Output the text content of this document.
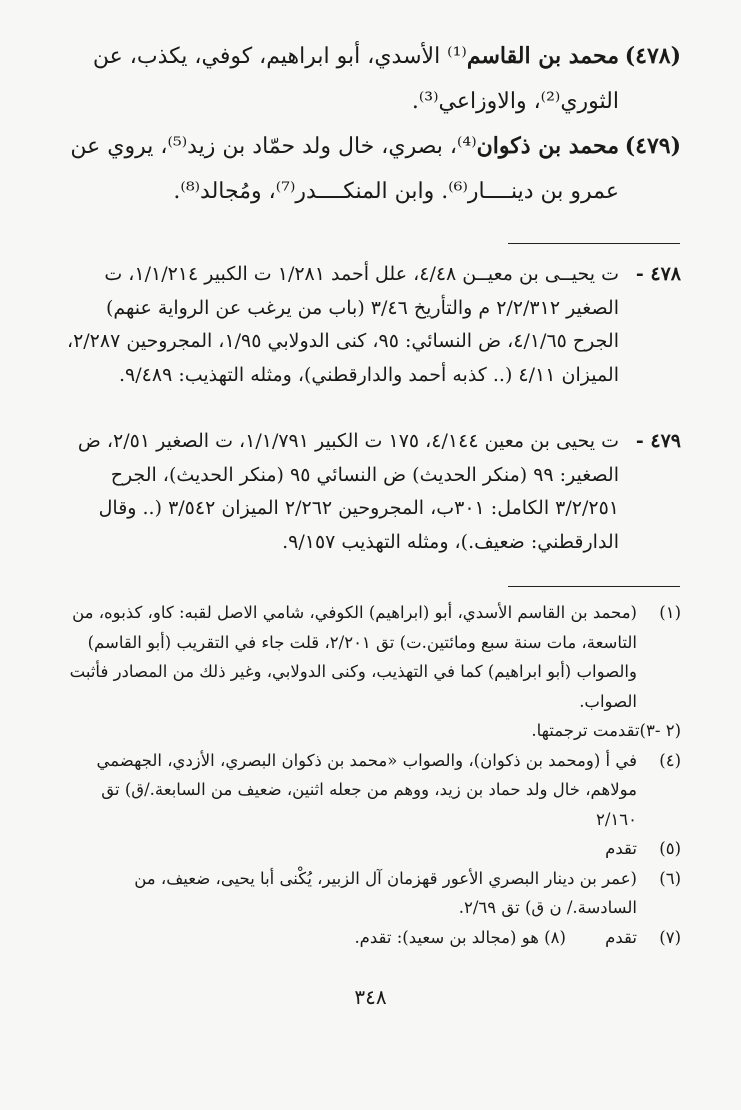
(٤٧٨)
محمد بن القاسم⁽¹⁾ الأسدي، أبو ابراهيم، كوفي، يكذب، عن الثوري⁽²⁾، والاوزاعي⁽³⁾.
(٤٧٩)
محمد بن ذكوان⁽⁴⁾، بصري، خال ولد حمّاد بن زيد⁽⁵⁾، يروي عن عمرو بن دينــــار⁽⁶⁾. وابن المنكــــدر⁽⁷⁾، ومُجالد⁽⁸⁾.
٤٧٨ -
ت يحيــى بن معيــن ٤/٤٨، علل أحمد ١/٢٨١ ت الكبير ١/١/٢١٤، ت الصغير ٢/٢/٣١٢ م والتأريخ ٣/٤٦ (باب من يرغب عن الرواية عنهم) الجرح ٤/١/٦٥، ض النسائي: ٩٥، كنى الدولابي ١/٩٥، المجروحين ٢/٢٨٧، الميزان ٤/١١ (.. كذبه أحمد والدارقطني)، ومثله التهذيب: ٩/٤٨٩.
٤٧٩ -
ت يحيى بن معين ٤/١٤٤، ١٧٥ ت الكبير ١/١/٧٩١، ت الصغير ٢/٥١، ض الصغير: ٩٩ (منكر الحديث) ض النسائي ٩٥ (منكر الحديث)، الجرح ٣/٢/٢٥١ الكامل: ٣٠١ب، المجروحين ٢/٢٦٢ الميزان ٣/٥٤٢ (.. وقال الدارقطني: ضعيف.)، ومثله التهذيب ٩/١٥٧.
(١)
(محمد بن القاسم الأسدي، أبو (ابراهيم) الكوفي، شامي الاصل لقبه: كاو، كذبوه، من التاسعة، مات سنة سبع ومائتين.ت) تق ٢/٢٠١، قلت جاء في التقريب (أبو القاسم) والصواب (أبو ابراهيم) كما في التهذيب، وكنى الدولابي، وغير ذلك من المصادر فأثبت الصواب.
(٢ -٣)تقدمت ترجمتها.
(٤)
في أ (ومحمد بن ذكوان)، والصواب «محمد بن ذكوان البصري، الأزدي، الجهضمي مولاهم، خال ولد حماد بن زيد، ووهم من جعله اثنين، ضعيف من السابعة./ق) تق ٢/١٦٠
(٥)
تقدم
(٦)
(عمر بن دينار البصري الأعور قهزمان آل الزبير، يُكْنى أبا يحيى، ضعيف، من السادسة./ ن ق) تق ٢/٦٩.
(٧)
تقدم (٨) هو (مجالد بن سعيد): تقدم.
٣٤٨
